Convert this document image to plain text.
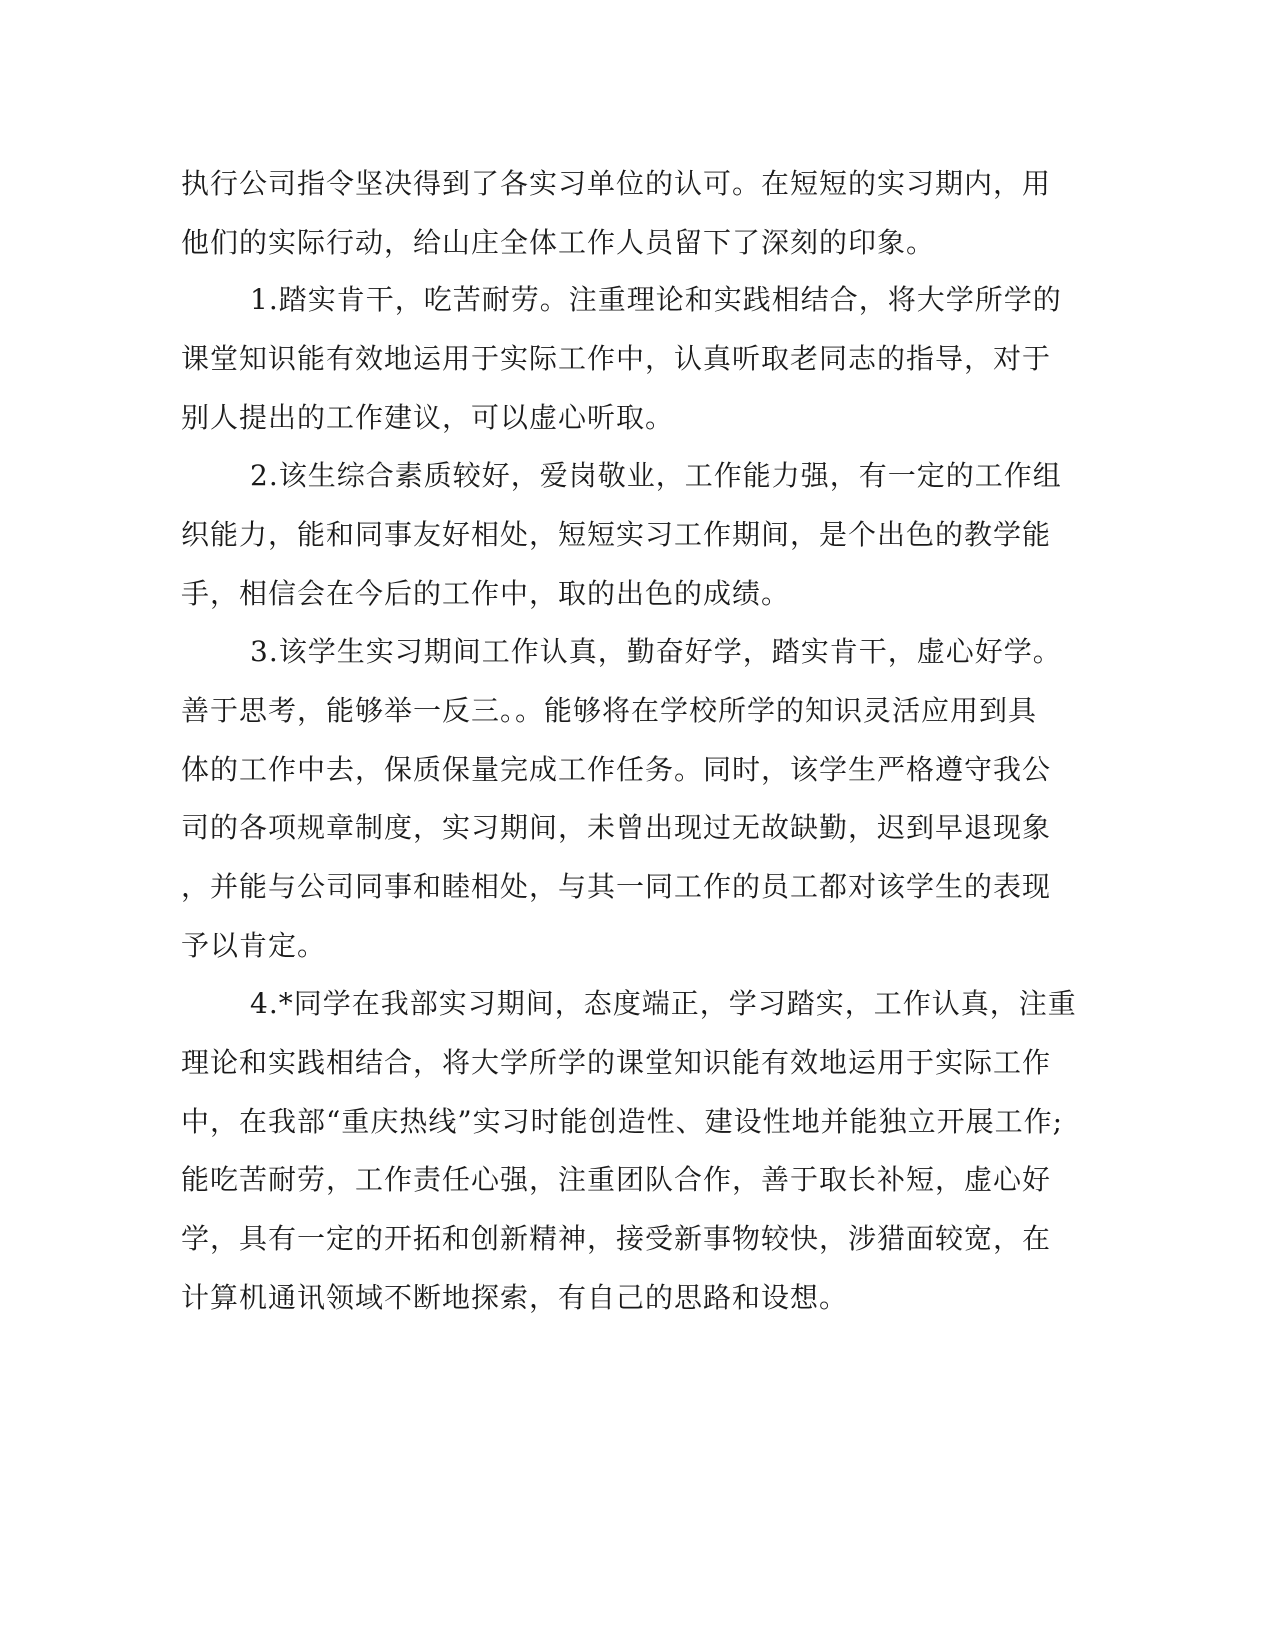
执行公司指令坚决得到了各实习单位的认可。在短短的实习期内，用
他们的实际行动，给山庄全体工作人员留下了深刻的印象。
1.踏实肯干，吃苦耐劳。注重理论和实践相结合，将大学所学的
课堂知识能有效地运用于实际工作中，认真听取老同志的指导，对于
别人提出的工作建议，可以虚心听取。
2.该生综合素质较好，爱岗敬业，工作能力强，有一定的工作组
织能力，能和同事友好相处，短短实习工作期间，是个出色的教学能
手，相信会在今后的工作中，取的出色的成绩。
3.该学生实习期间工作认真，勤奋好学，踏实肯干，虚心好学。
善于思考，能够举一反三。。能够将在学校所学的知识灵活应用到具
体的工作中去，保质保量完成工作任务。同时，该学生严格遵守我公
司的各项规章制度，实习期间，未曾出现过无故缺勤，迟到早退现象
，并能与公司同事和睦相处，与其一同工作的员工都对该学生的表现
予以肯定。
4.*同学在我部实习期间，态度端正，学习踏实，工作认真，注重
理论和实践相结合，将大学所学的课堂知识能有效地运用于实际工作
中，在我部“重庆热线”实习时能创造性、建设性地并能独立开展工作;
能吃苦耐劳，工作责任心强，注重团队合作，善于取长补短，虚心好
学，具有一定的开拓和创新精神，接受新事物较快，涉猎面较宽，在
计算机通讯领域不断地探索，有自己的思路和设想。
